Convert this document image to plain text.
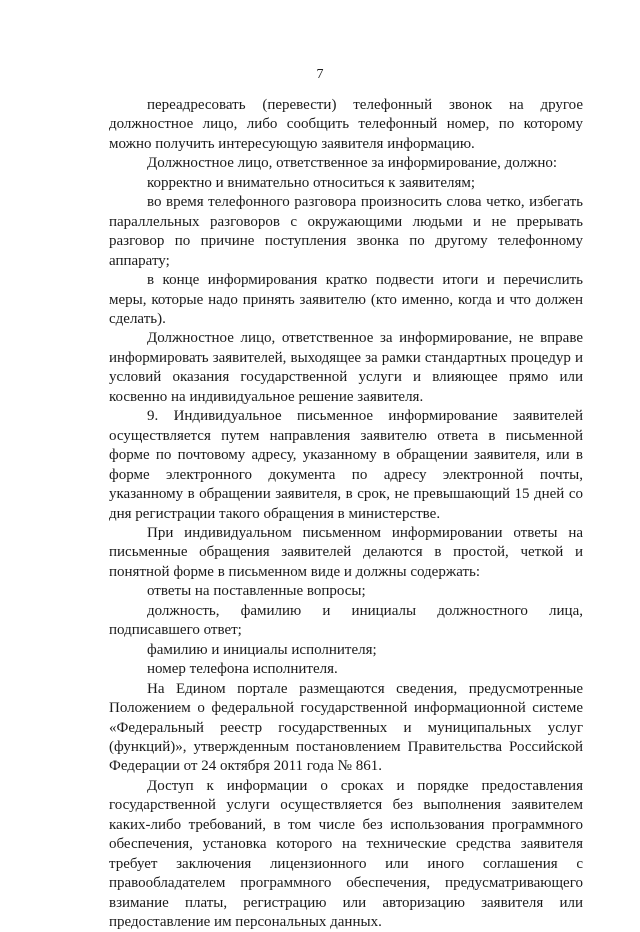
7

переадресовать (перевести) телефонный звонок на другое должностное лицо, либо сообщить телефонный номер, по которому можно получить интересующую заявителя информацию.

Должностное лицо, ответственное за информирование, должно:

корректно и внимательно относиться к заявителям;

во время телефонного разговора произносить слова четко, избегать параллельных разговоров с окружающими людьми и не прерывать разговор по причине поступления звонка по другому телефонному аппарату;

в конце информирования кратко подвести итоги и перечислить меры, которые надо принять заявителю (кто именно, когда и что должен сделать).

Должностное лицо, ответственное за информирование, не вправе информировать заявителей, выходящее за рамки стандартных процедур и условий оказания государственной услуги и влияющее прямо или косвенно на индивидуальное решение заявителя.

9. Индивидуальное письменное информирование заявителей осуществляется путем направления заявителю ответа в письменной форме по почтовому адресу, указанному в обращении заявителя, или в форме электронного документа по адресу электронной почты, указанному в обращении заявителя, в срок, не превышающий 15 дней со дня регистрации такого обращения в министерстве.

При индивидуальном письменном информировании ответы на письменные обращения заявителей делаются в простой, четкой и понятной форме в письменном виде и должны содержать:

ответы на поставленные вопросы;

должность, фамилию и инициалы должностного лица, подписавшего ответ;

фамилию и инициалы исполнителя;

номер телефона исполнителя.

На Едином портале размещаются сведения, предусмотренные Положением о федеральной государственной информационной системе «Федеральный реестр государственных и муниципальных услуг (функций)», утвержденным постановлением Правительства Российской Федерации от 24 октября 2011 года № 861.

Доступ к информации о сроках и порядке предоставления государственной услуги осуществляется без выполнения заявителем каких-либо требований, в том числе без использования программного обеспечения, установка которого на технические средства заявителя требует заключения лицензионного или иного соглашения с правообладателем программного обеспечения, предусматривающего взимание платы, регистрацию или авторизацию заявителя или предоставление им персональных данных.
